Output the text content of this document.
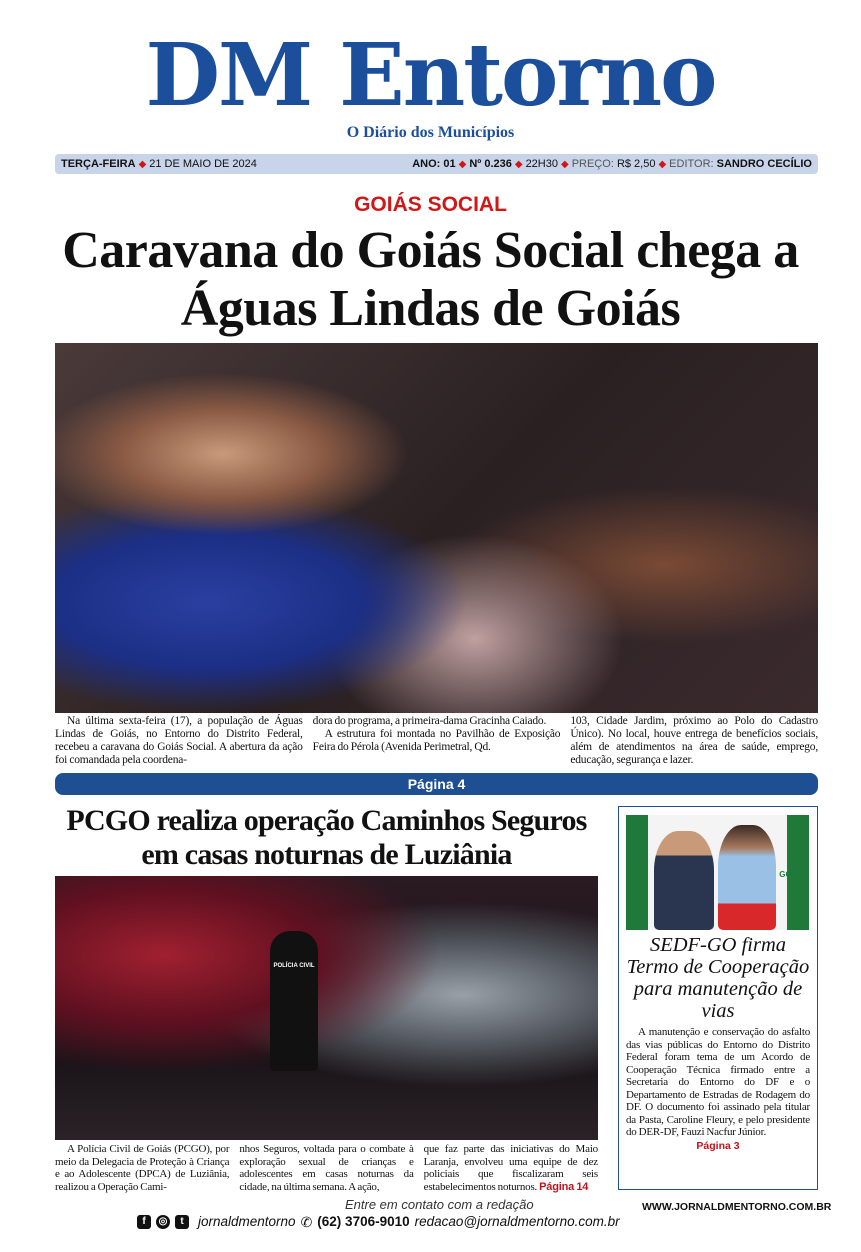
DM Entorno
O Diário dos Municípios
TERÇA-FEIRA ◆ 21 DE MAIO DE 2024	ANO: 01 ◆ Nº 0.236 ◆ 22H30 ◆ PREÇO: R$ 2,50 ◆ EDITOR: SANDRO CECÍLIO
GOIÁS SOCIAL
Caravana do Goiás Social chega a Águas Lindas de Goiás

Na última sexta-feira (17), a população de Águas Lindas de Goiás, no Entorno do Distrito Federal, recebeu a caravana do Goiás Social. A abertura da ação foi comandada pela coordena-

dora do programa, a primeira-dama Gracinha Caiado.

A estrutura foi montada no Pavilhão de Exposição Feira do Pérola (Avenida Perimetral, Qd.

103, Cidade Jardim, próximo ao Polo do Cadastro Único). No local, houve entrega de benefícios sociais, além de atendimentos na área de saúde, emprego, educação, segurança e lazer.

Página 4
PCGO realiza operação Caminhos Seguros em casas noturnas de Luziânia
POLÍCIA CIVIL

A Polícia Civil de Goiás (PCGO), por meio da Delegacia de Proteção à Criança e ao Adolescente (DPCA) de Luziânia, realizou a Operação Cami-

nhos Seguros, voltada para o combate à exploração sexual de crianças e adolescentes em casas noturnas da cidade, na última semana. A ação,

que faz parte das iniciativas do Maio Laranja, envolveu uma equipe de dez policiais que fiscalizaram seis estabelecimentos noturnos. Página 14

GOIÁS
SEDF-GO firma Termo de Cooperação para manutenção de vias

A manutenção e conservação do asfalto das vias públicas do Entorno do Distrito Federal foram tema de um Acordo de Cooperação Técnica firmado entre a Secretaria do Entorno do DF e o Departamento de Estradas de Rodagem do DF. O documento foi assinado pela titular da Pasta, Caroline Fleury, e pelo presidente do DER-DF, Fauzi Nacfur Júnior.

Página 3
Entre em contato com a redação	WWW.JORNALDMENTORNO.COM.BR
f	◎	t	jornaldmentorno ✆ (62) 3706-9010 redacao@jornaldmentorno.com.br
